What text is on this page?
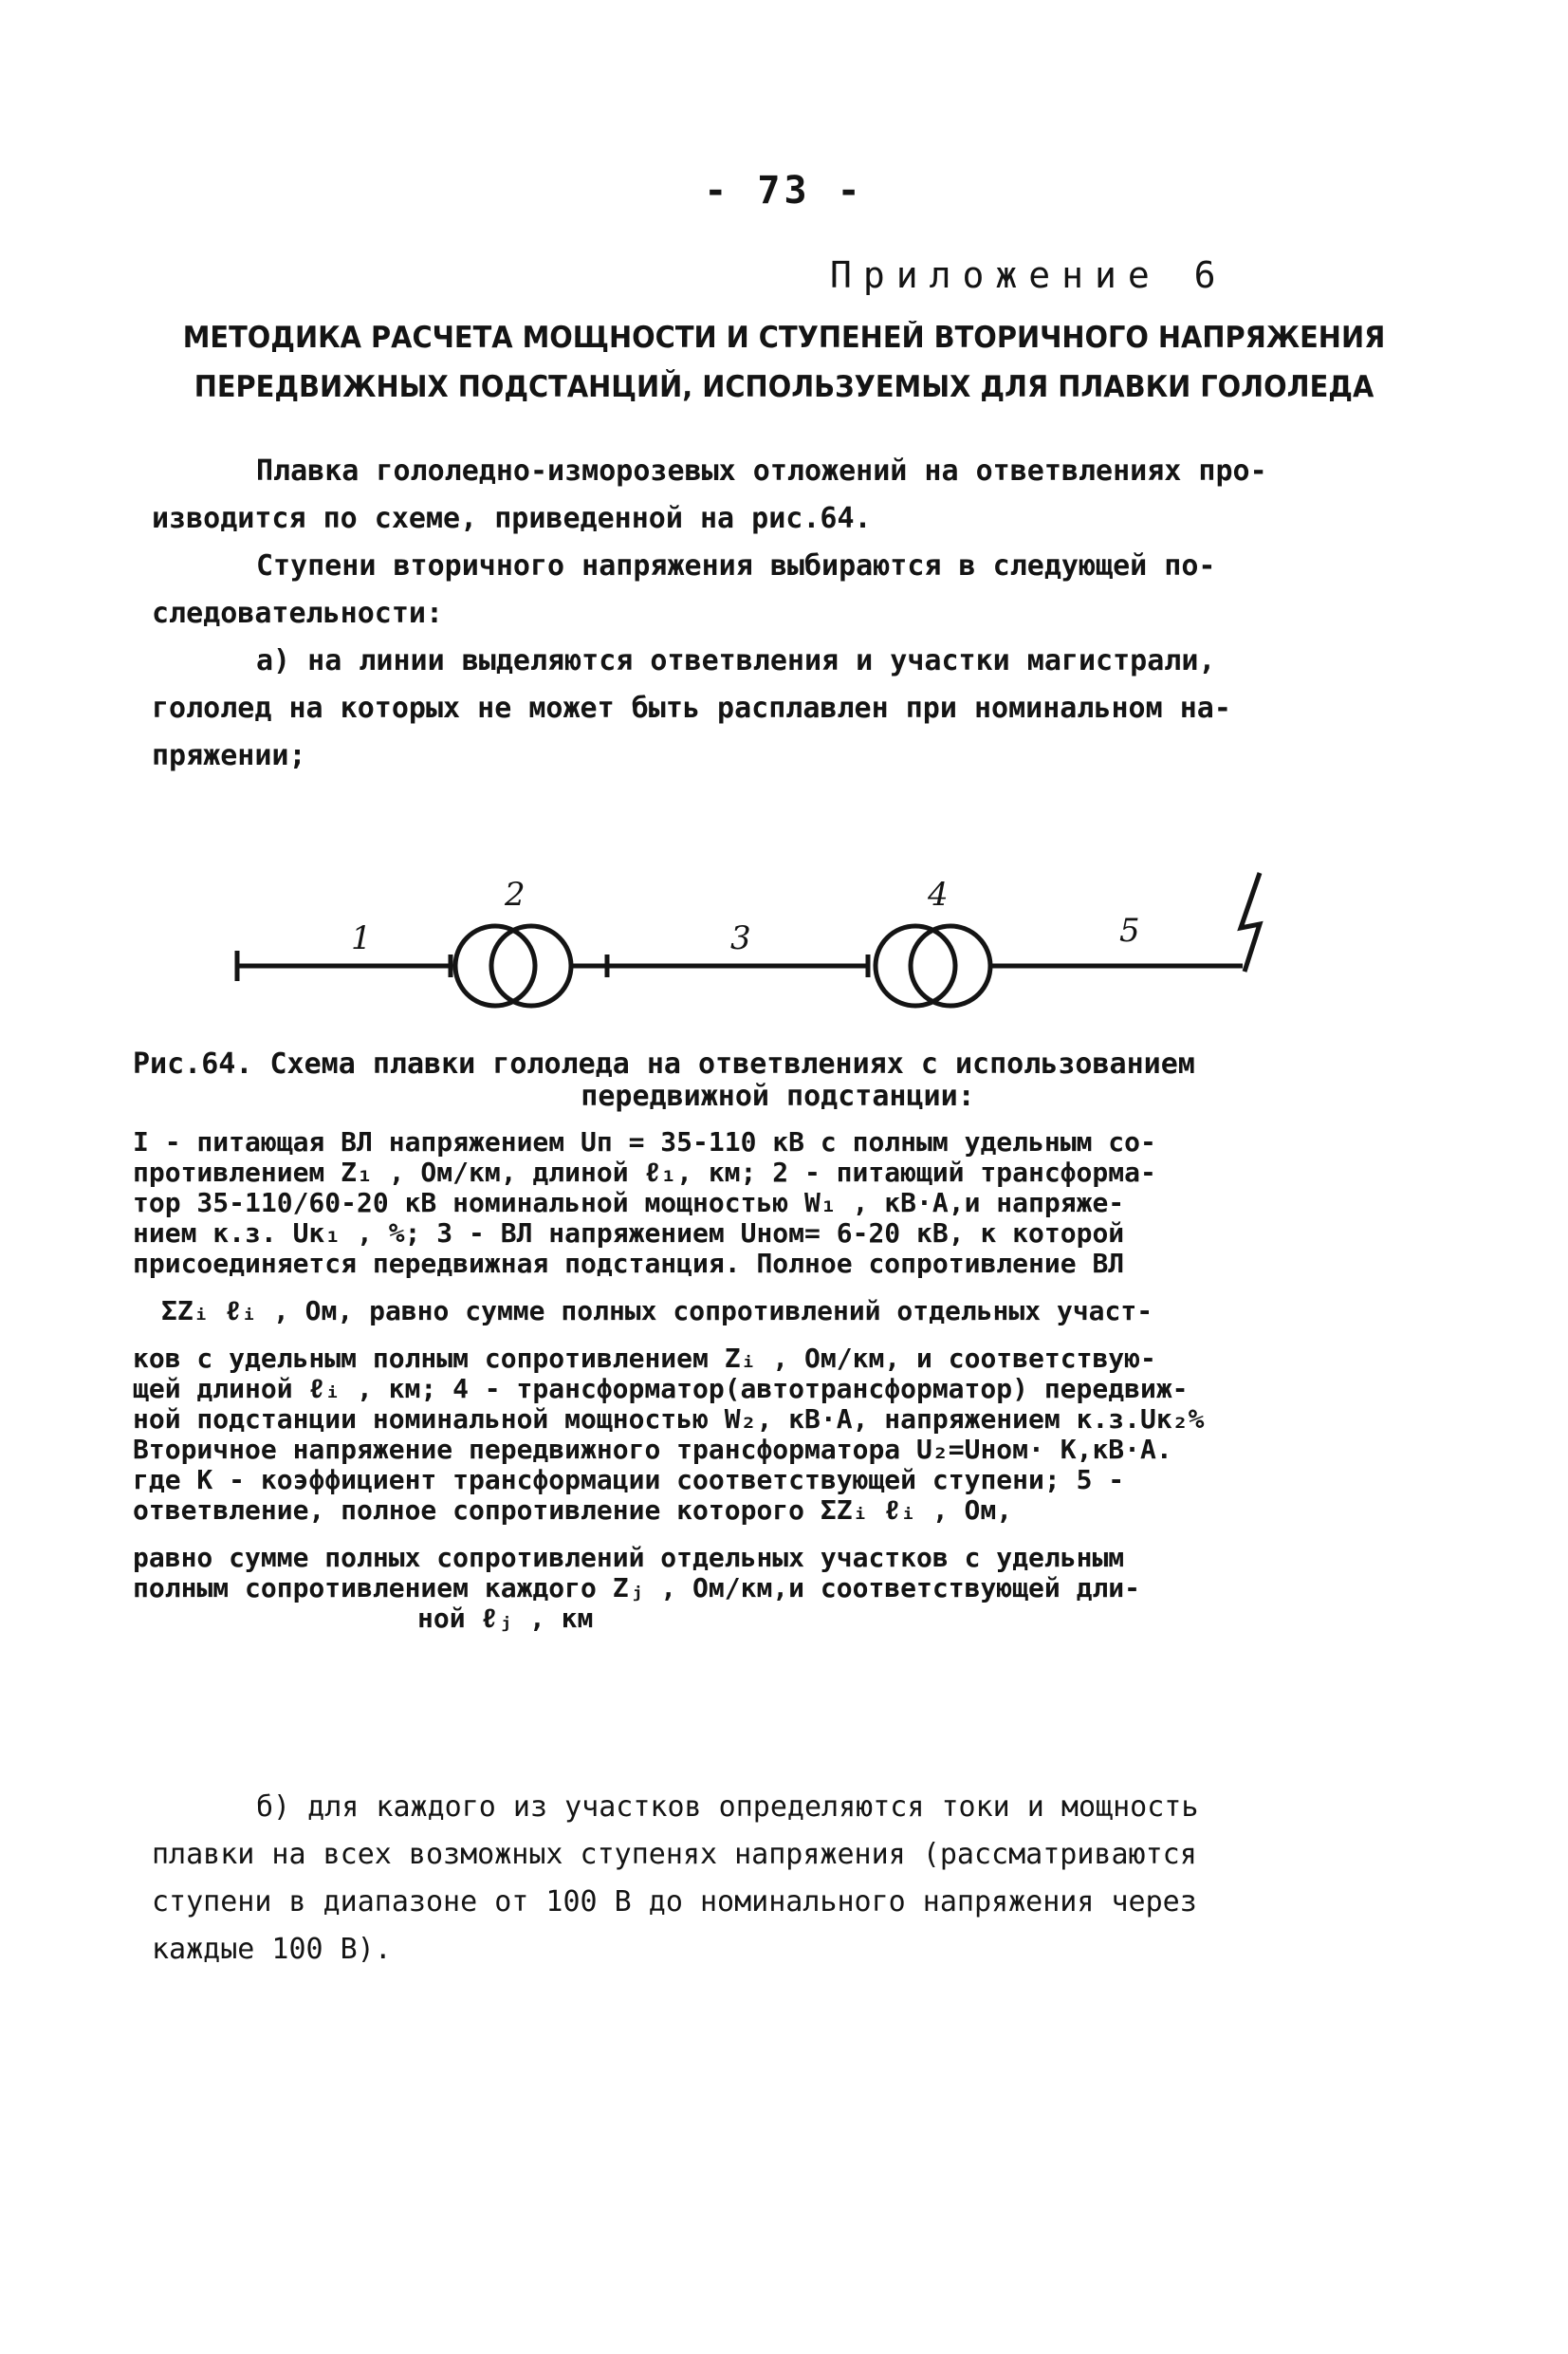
- 73 -
Приложение 6
МЕТОДИКА РАСЧЕТА МОЩНОСТИ И СТУПЕНЕЙ ВТОРИЧНОГО НАПРЯЖЕНИЯ
ПЕРЕДВИЖНЫХ ПОДСТАНЦИЙ, ИСПОЛЬЗУЕМЫХ ДЛЯ ПЛАВКИ ГОЛОЛЕДА
Плавка гололедно-изморозевых отложений на ответвлениях про-
изводится по схеме, приведенной на рис.64.
Ступени вторичного напряжения выбираются в следующей по-
следовательности:
а) на линии выделяются ответвления и участки магистрали,
гололед на которых не может быть расплавлен при номинальном на-
пряжении;
1
2
3
4
5
Рис.64. Схема плавки гололеда на ответвлениях с использованием
передвижной подстанции:
I - питающая ВЛ напряжением Uп = 35-110 кВ с полным удельным со-
противлением Z₁ , Ом/км, длиной ℓ₁, км; 2 - питающий трансформа-
тор 35-110/60-20 кВ номинальной мощностью W₁ , кВ·А,и напряже-
нием к.з. Uк₁ , %; 3 - ВЛ напряжением Uном= 6-20 кВ, к которой
присоединяется передвижная подстанция. Полное сопротивление ВЛ
ΣZᵢ ℓᵢ , Ом, равно сумме полных сопротивлений отдельных участ-
ков с удельным полным сопротивлением Zᵢ , Ом/км, и соответствую-
щей длиной ℓᵢ , км; 4 - трансформатор(автотрансформатор) передвиж-
ной подстанции номинальной мощностью W₂, кВ·А, напряжением к.з.Uк₂%
Вторичное напряжение передвижного трансформатора U₂=Uном· K,кВ·А.
где K - коэффициент трансформации соответствующей ступени; 5 -
ответвление, полное сопротивление которого ΣZᵢ ℓᵢ , Ом,
равно сумме полных сопротивлений отдельных участков с удельным
полным сопротивлением каждого Zⱼ , Ом/км,и соответствующей дли-
ной ℓⱼ , км
б) для каждого из участков определяются токи и мощность
плавки на всех возможных ступенях напряжения (рассматриваются
ступени в диапазоне от 100 В до номинального напряжения через
каждые 100 В).
